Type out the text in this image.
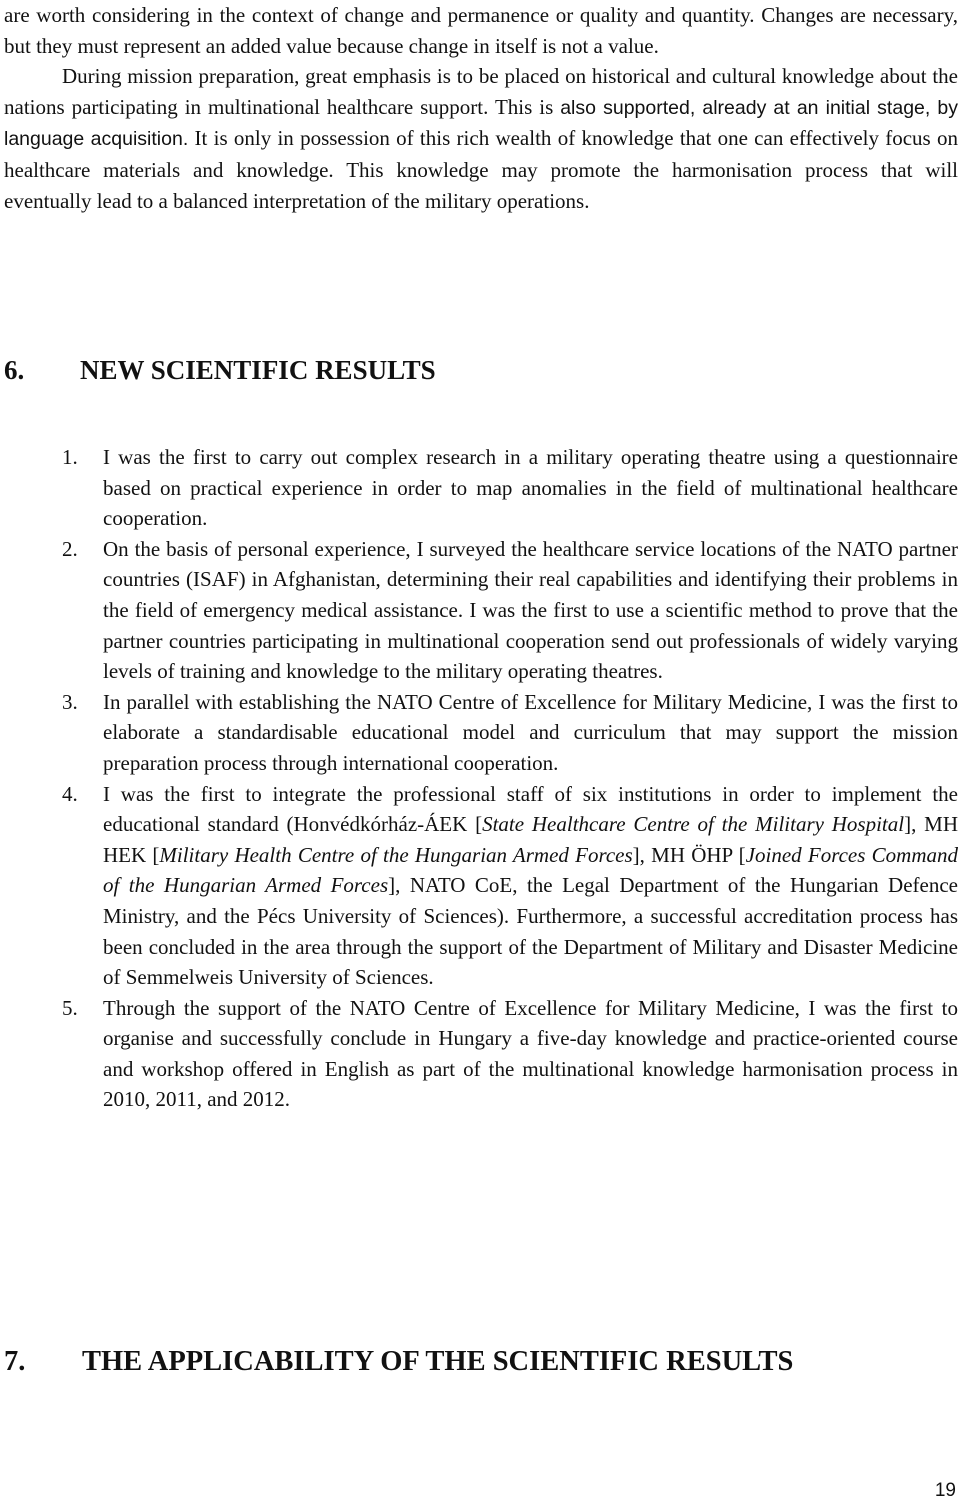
are worth considering in the context of change and permanence or quality and quantity. Changes are necessary, but they must represent an added value because change in itself is not a value.

During mission preparation, great emphasis is to be placed on historical and cultural knowledge about the nations participating in multinational healthcare support. This is also supported, already at an initial stage, by language acquisition. It is only in possession of this rich wealth of knowledge that one can effectively focus on healthcare materials and knowledge. This knowledge may promote the harmonisation process that will eventually lead to a balanced interpretation of the military operations.

6. NEW SCIENTIFIC RESULTS
1. I was the first to carry out complex research in a military operating theatre using a questionnaire based on practical experience in order to map anomalies in the field of multinational healthcare cooperation.
2. On the basis of personal experience, I surveyed the healthcare service locations of the NATO partner countries (ISAF) in Afghanistan, determining their real capabilities and identifying their problems in the field of emergency medical assistance. I was the first to use a scientific method to prove that the partner countries participating in multinational cooperation send out professionals of widely varying levels of training and knowledge to the military operating theatres.
3. In parallel with establishing the NATO Centre of Excellence for Military Medicine, I was the first to elaborate a standardisable educational model and curriculum that may support the mission preparation process through international cooperation.
4. I was the first to integrate the professional staff of six institutions in order to implement the educational standard (Honvédkórház-ÁEK [State Healthcare Centre of the Military Hospital], MH HEK [Military Health Centre of the Hungarian Armed Forces], MH ÖHP [Joined Forces Command of the Hungarian Armed Forces], NATO CoE, the Legal Department of the Hungarian Defence Ministry, and the Pécs University of Sciences). Furthermore, a successful accreditation process has been concluded in the area through the support of the Department of Military and Disaster Medicine of Semmelweis University of Sciences.
5. Through the support of the NATO Centre of Excellence for Military Medicine, I was the first to organise and successfully conclude in Hungary a five-day knowledge and practice-oriented course and workshop offered in English as part of the multinational knowledge harmonisation process in 2010, 2011, and 2012.
7. THE APPLICABILITY OF THE SCIENTIFIC RESULTS
19
